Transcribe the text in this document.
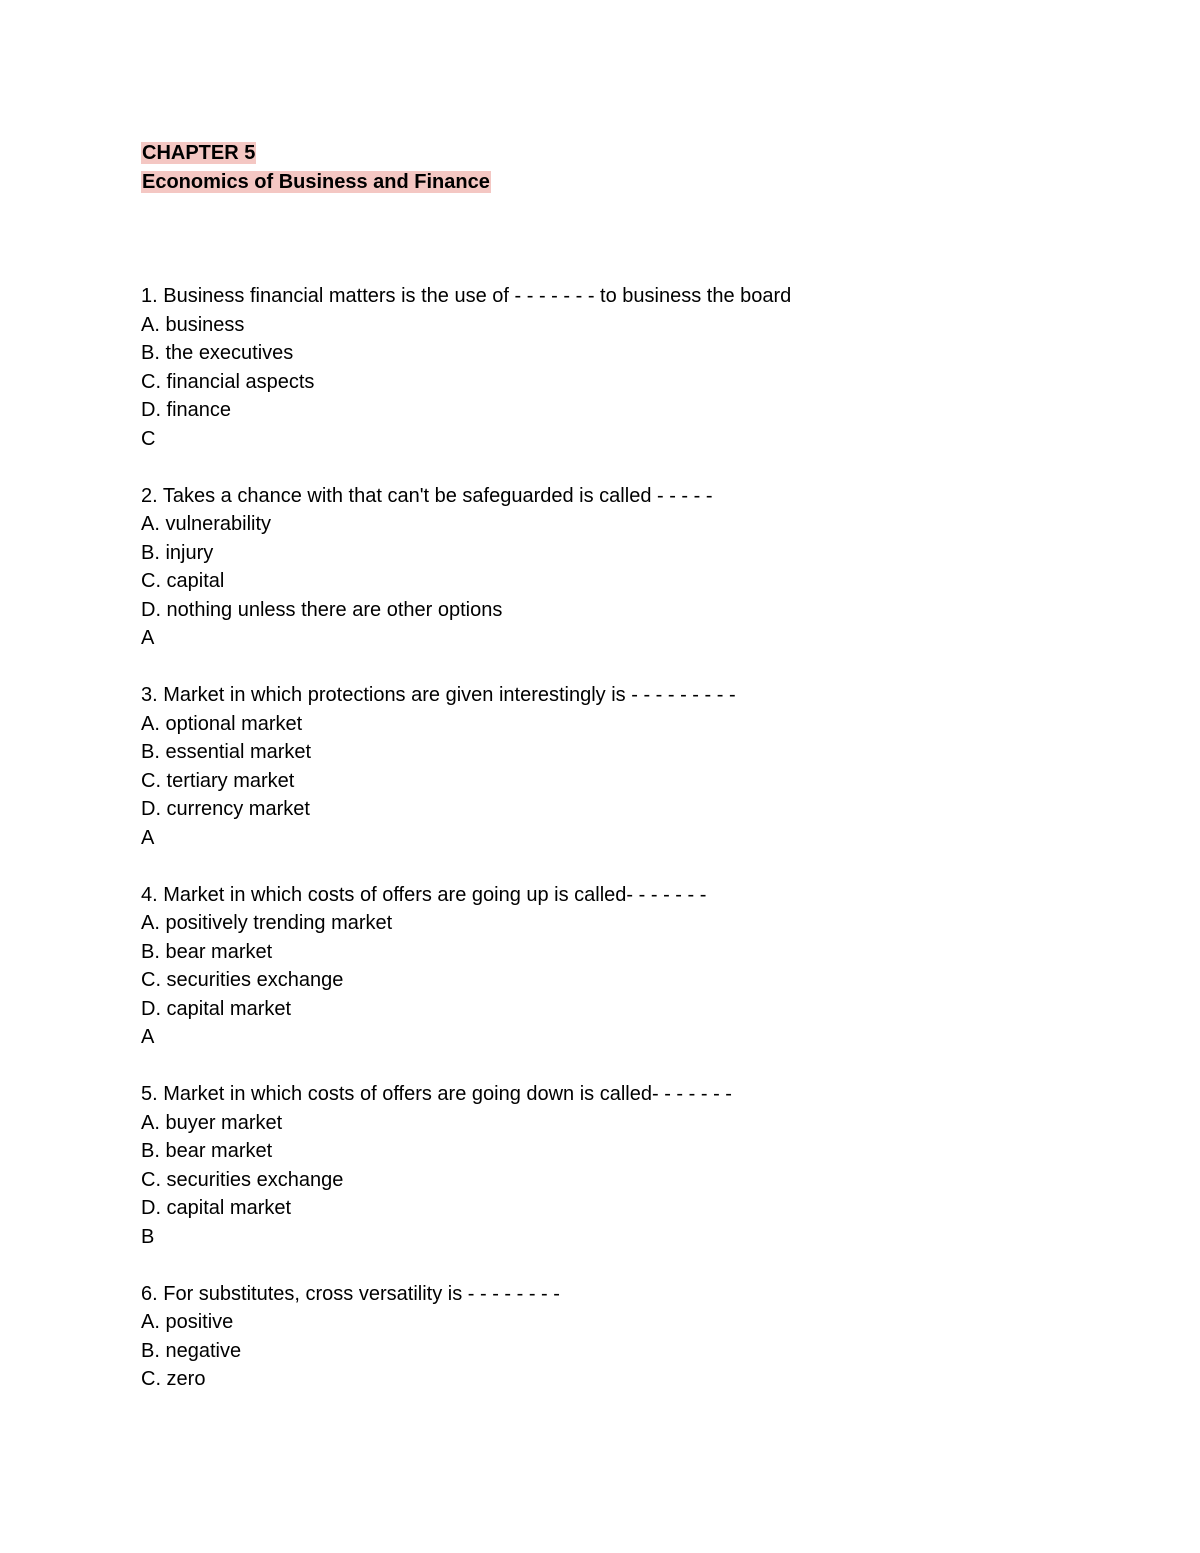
CHAPTER 5
Economics of Business and Finance
1. Business financial matters is the use of - - - - - - - to business the board
A. business
B. the executives
C. financial aspects
D. finance
C
2. Takes a chance with that can't be safeguarded is called - - - - -
A. vulnerability
B. injury
C. capital
D. nothing unless there are other options
A
3. Market in which protections are given interestingly is - - - - - - - - -
A. optional market
B. essential market
C. tertiary market
D. currency market
A
4. Market in which costs of offers are going up is called- - - - - - -
A. positively trending market
B. bear market
C. securities exchange
D. capital market
A
5. Market in which costs of offers are going down is called- - - - - - -
A. buyer market
B. bear market
C. securities exchange
D. capital market
B
6. For substitutes, cross versatility is - - - - - - - -
A. positive
B. negative
C. zero
